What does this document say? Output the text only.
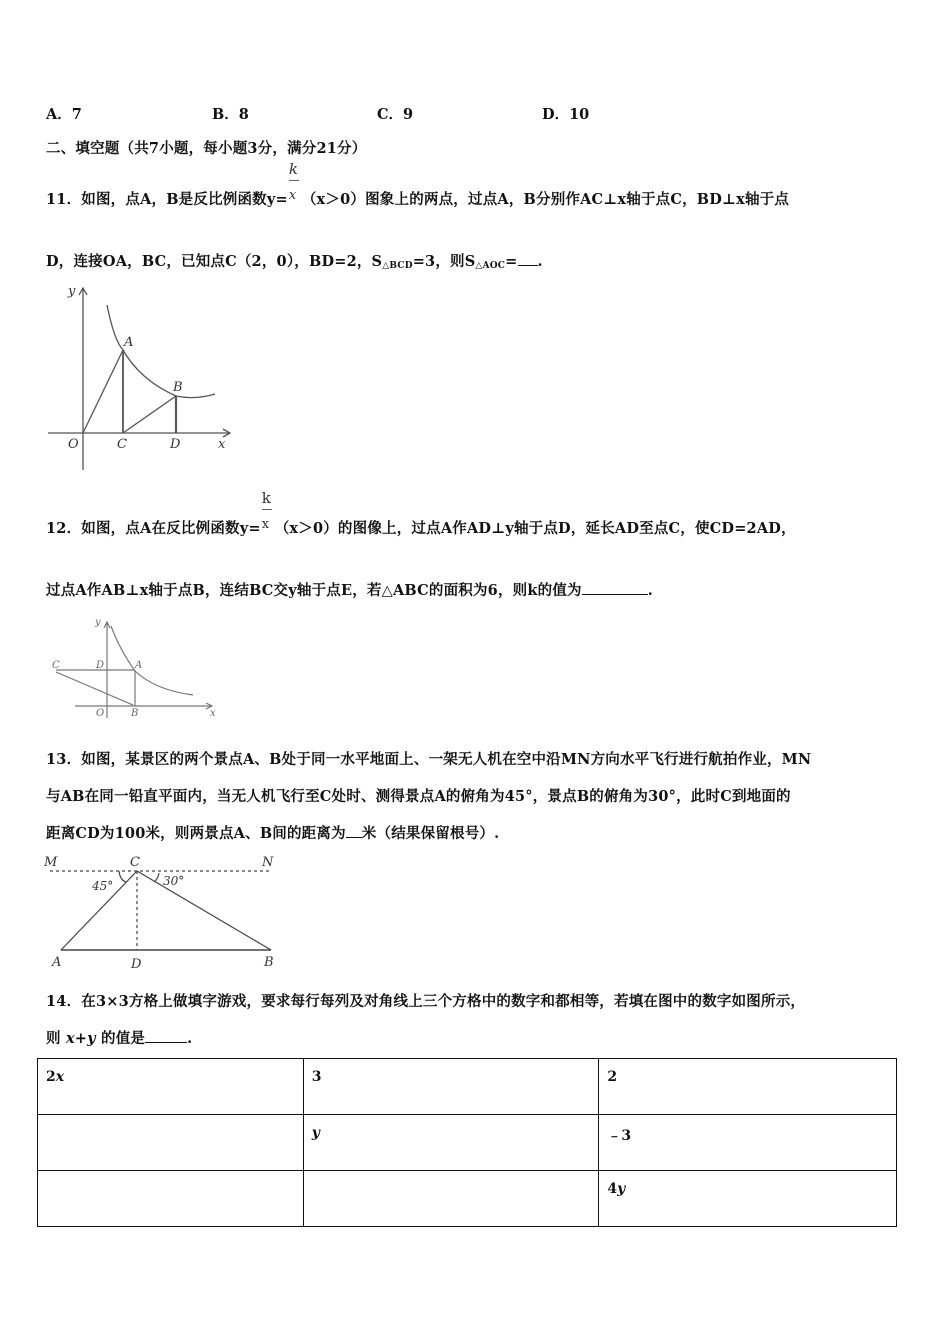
A．7	B．8	C．9	D．10
二、填空题（共7小题，每小题3分，满分21分）
11．如图，点A，B是反比例函数$y= \frac{k}{x} (x>0)$图象上的两点，过点A，B分别作AC⊥x轴于点C，BD⊥x轴于点
D，连接OA，BC，已知点C（2，0），BD=2，$S_{\triangle BCD}=3$，则$S_{\triangle AOC}=$ .
y
A
B
O	C	D	x
12．如图，点A在反比例函数$y= \frac{k}{x} (x>0)$的图像上，过点A作AD⊥y轴于点D，延长AD至点C，使CD=2AD，
过点A作AB⊥x轴于点B，连结BC交y轴于点E，若△ABC的面积为6，则k的值为	.
y
C	D	A
O	B	x
13．如图，某景区的两个景点A、B处于同一水平地面上、一架无人机在空中沿MN方向水平飞行进行航拍作业，MN
与AB在同一铅直平面内，当无人机飞行至C处时、测得景点A的俯角为45°，景点B的俯角为30°，此时C到地面的
距离CD为100米，则两景点A、B间的距离为 米（结果保留根号）.
M	C	N
45°	30°
A	D	B
14．在3×3方格上做填字游戏，要求每行每列及对角线上三个方格中的数字和都相等，若填在图中的数字如图所示，
则 x+y 的值是	.
2x	3	2
	y	﹣3
		4y
